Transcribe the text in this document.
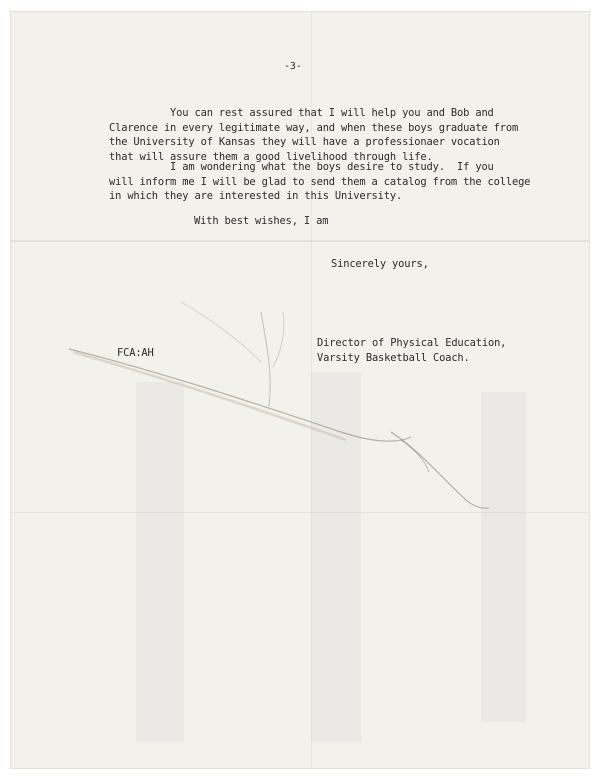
-3-
You can rest assured that I will help you and Bob and
Clarence in every legitimate way, and when these boys graduate from
the University of Kansas they will have a professionaer vocation
that will assure them a good livelihood through life.
I am wondering what the boys desire to study.  If you
will inform me I will be glad to send them a catalog from the college
in which they are interested in this University.
With best wishes, I am
Sincerely yours,
Director of Physical Education,
Varsity Basketball Coach.
FCA:AH
